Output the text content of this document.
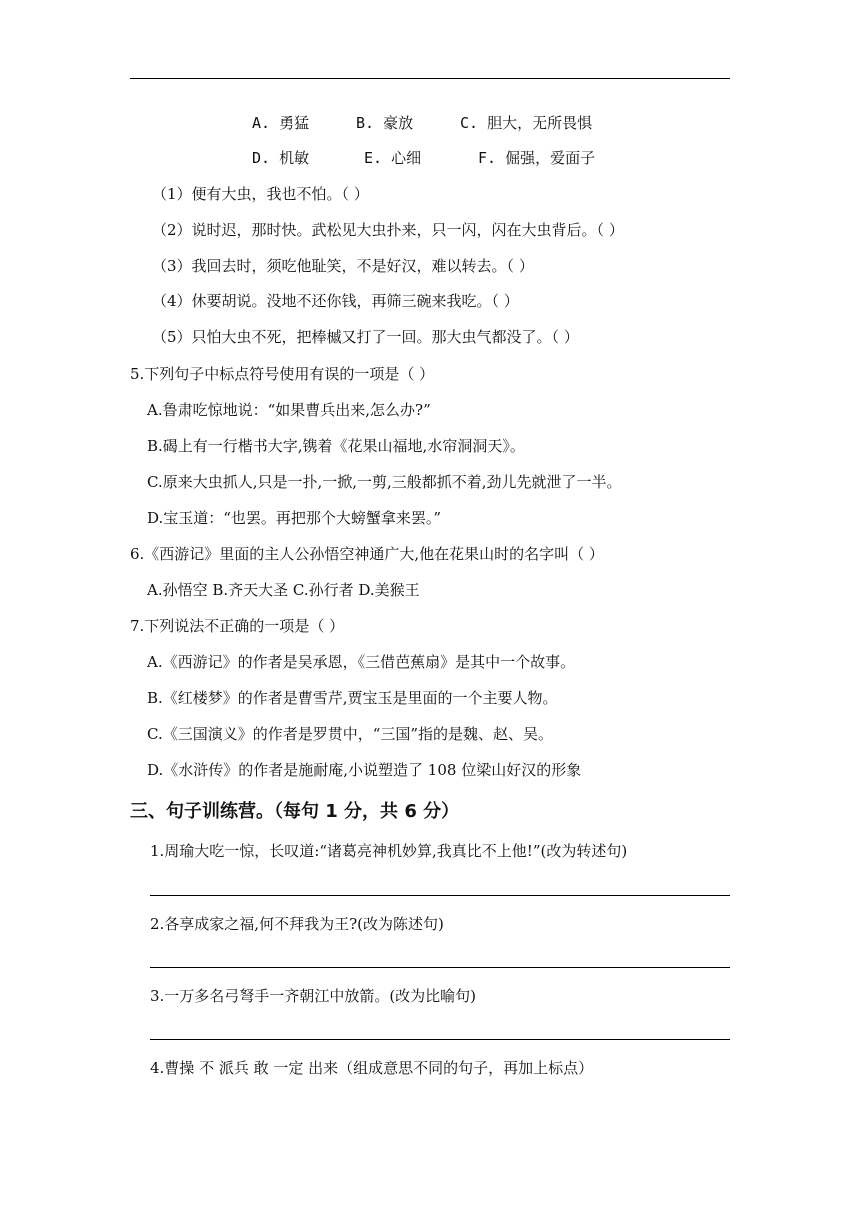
A. 勇猛	B. 豪放	C. 胆大，无所畏惧
D. 机敏	E. 心细	F. 倔强，爱面子
（1）便有大虫，我也不怕。（ ）
（2）说时迟，那时快。武松见大虫扑来，只一闪，闪在大虫背后。（ ）
（3）我回去时，须吃他耻笑，不是好汉，难以转去。（ ）
（4）休要胡说。没地不还你钱，再筛三碗来我吃。（ ）
（5）只怕大虫不死，把棒槭又打了一回。那大虫气都没了。（ ）
5.下列句子中标点符号使用有误的一项是（ ）
A.鲁肃吃惊地说：“如果曹兵出来,怎么办?”
B.碣上有一行楷书大字,镌着《花果山福地,水帘洞洞天》。
C.原来大虫抓人,只是一扑,一掀,一剪,三般都抓不着,劲儿先就泄了一半。
D.宝玉道：“也罢。再把那个大螃蟹拿来罢。”
6.《西游记》里面的主人公孙悟空神通广大,他在花果山时的名字叫（ ）
A.孙悟空 B.齐天大圣 C.孙行者 D.美猴王
7.下列说法不正确的一项是（ ）
A.《西游记》的作者是吴承恩，《三借芭蕉扇》是其中一个故事。
B.《红楼梦》的作者是曹雪芹,贾宝玉是里面的一个主要人物。
C.《三国演义》的作者是罗贯中，“三国”指的是魏、赵、吴。
D.《水浒传》的作者是施耐庵,小说塑造了 108 位梁山好汉的形象
三、句子训练营。（每句 1 分，共 6 分）
1.周瑜大吃一惊，长叹道:“诸葛亮神机妙算,我真比不上他!”(改为转述句)
2.各享成家之福,何不拜我为王?(改为陈述句)
3.一万多名弓弩手一齐朝江中放箭。(改为比喻句)
4.曹操 不 派兵 敢 一定 出来（组成意思不同的句子，再加上标点）
